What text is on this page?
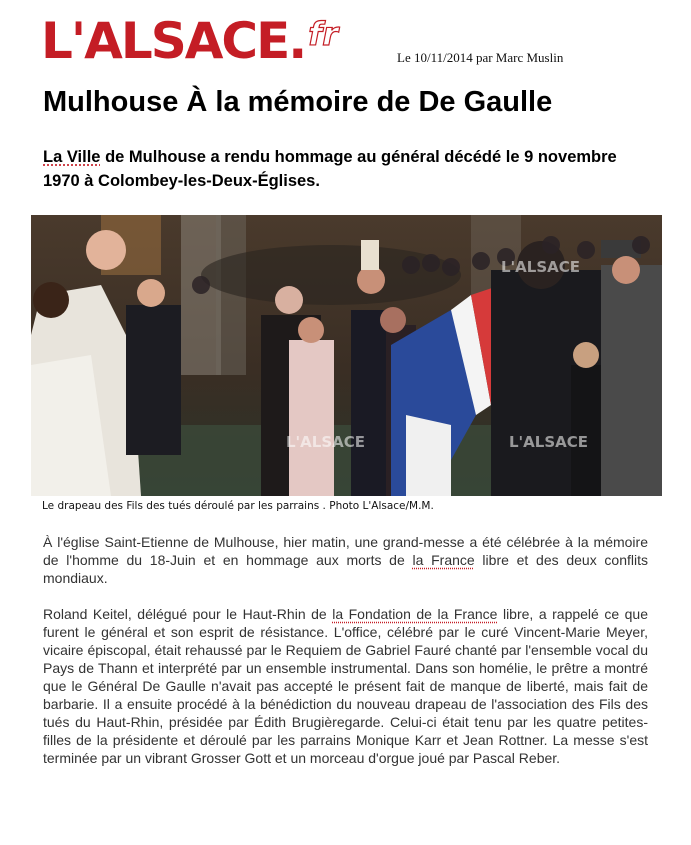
L'ALSACE . fr
Le 10/11/2014 par Marc Muslin
Mulhouse À la mémoire de De Gaulle

La Ville de Mulhouse a rendu hommage au général décédé le 9 novembre 1970 à Colombey-les-Deux-Églises.

L'ALSACE
L'ALSACE	L'ALSACE
Le drapeau des Fils des tués déroulé par les parrains . Photo L'Alsace/M.M.

À l'église Saint-Etienne de Mulhouse, hier matin, une grand-messe a été célébrée à la mémoire de l'homme du 18-Juin et en hommage aux morts de la France libre et des deux conflits mondiaux.

Roland Keitel, délégué pour le Haut-Rhin de la Fondation de la France libre, a rappelé ce que furent le général et son esprit de résistance. L'office, célébré par le curé Vincent-Marie Meyer, vicaire épiscopal, était rehaussé par le Requiem de Gabriel Fauré chanté par l'ensemble vocal du Pays de Thann et interprété par un ensemble instrumental. Dans son homélie, le prêtre a montré que le Général De Gaulle n'avait pas accepté le présent fait de manque de liberté, mais fait de barbarie. Il a ensuite procédé à la bénédiction du nouveau drapeau de l'association des Fils des tués du Haut-Rhin, présidée par Édith Brugièregarde. Celui-ci était tenu par les quatre petites-filles de la présidente et déroulé par les parrains Monique Karr et Jean Rottner. La messe s'est terminée par un vibrant Grosser Gott et un morceau d'orgue joué par Pascal Reber.
